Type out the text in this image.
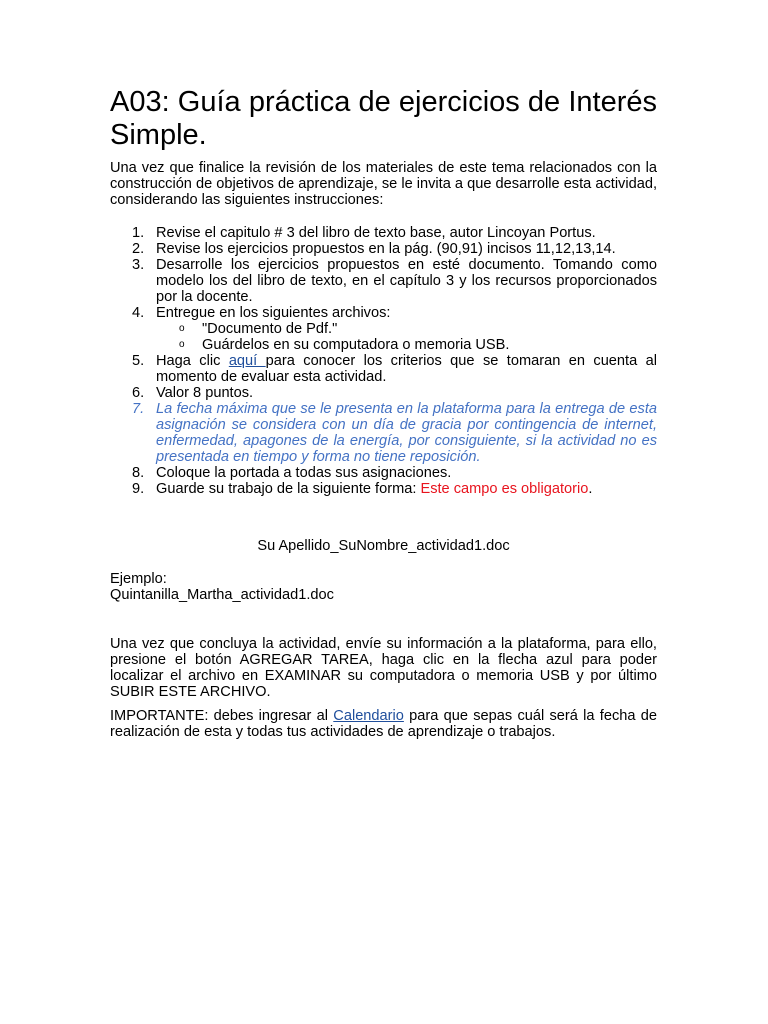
A03: Guía práctica de ejercicios de Interés Simple.

Una vez que finalice la revisión de los materiales de este tema relacionados con la construcción de objetivos de aprendizaje, se le invita a que desarrolle esta actividad, considerando las siguientes instrucciones:

1. Revise el capitulo # 3 del libro de texto base, autor Lincoyan Portus.
2. Revise los ejercicios propuestos en la pág. (90,91) incisos 11,12,13,14.
3. Desarrolle los ejercicios propuestos en esté documento. Tomando como modelo los del libro de texto, en el capítulo 3 y los recursos proporcionados por la docente.
4. Entregue en los siguientes archivos:
o "Documento de Pdf."
o Guárdelos en su computadora o memoria USB.
5. Haga clic aquí para conocer los criterios que se tomaran en cuenta al momento de evaluar esta actividad.
6. Valor 8 puntos.
7. La fecha máxima que se le presenta en la plataforma para la entrega de esta asignación se considera con un día de gracia por contingencia de internet, enfermedad, apagones de la energía, por consiguiente, si la actividad no es presentada en tiempo y forma no tiene reposición.
8. Coloque la portada a todas sus asignaciones.
9. Guarde su trabajo de la siguiente forma: Este campo es obligatorio.

Su Apellido_SuNombre_actividad1.doc

Ejemplo:
Quintanilla_Martha_actividad1.doc

Una vez que concluya la actividad, envíe su información a la plataforma, para ello, presione el botón AGREGAR TAREA, haga clic en la flecha azul para poder localizar el archivo en EXAMINAR su computadora o memoria USB y por último SUBIR ESTE ARCHIVO.

IMPORTANTE: debes ingresar al Calendario para que sepas cuál será la fecha de realización de esta y todas tus actividades de aprendizaje o trabajos.
